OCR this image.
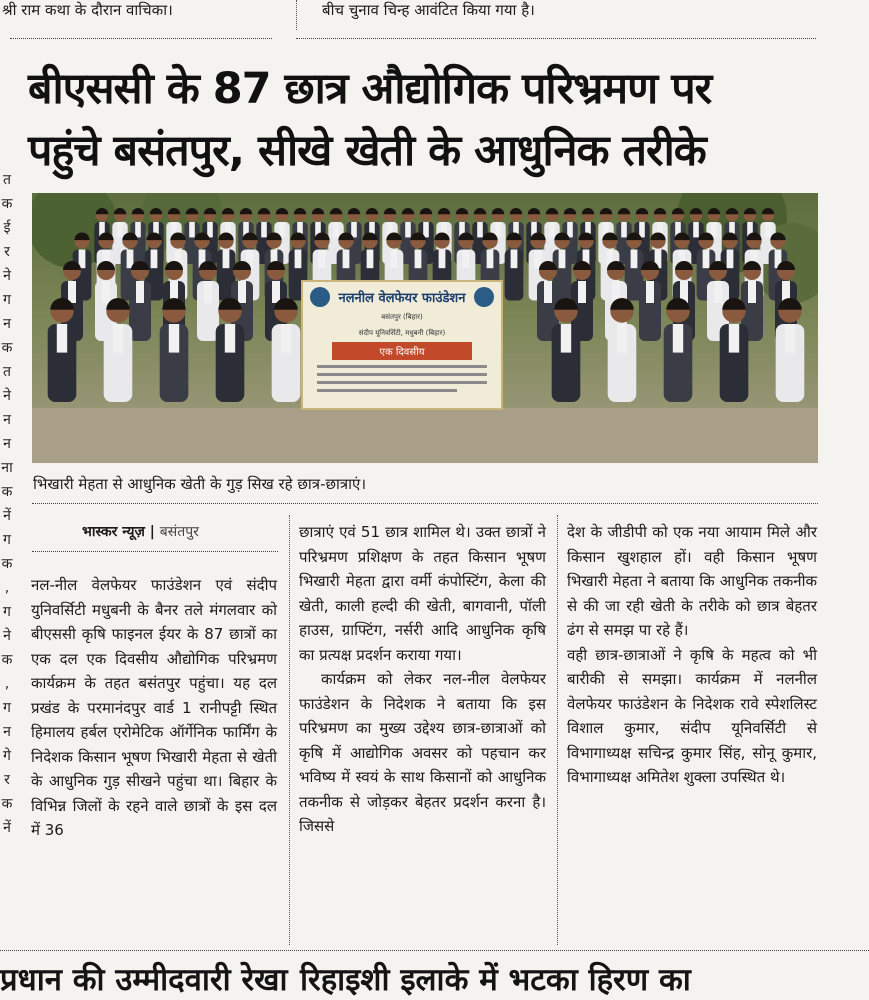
श्री राम कथा के दौरान वाचिका।	बीच चुनाव चिन्ह आवंटित किया गया है।
बीएससी के 87 छात्र औद्योगिक परिभ्रमण पर
पहुंचे बसंतपुर, सीखे खेती के आधुनिक तरीके
त
क
ई
र
ने
ग
न
क
त
ने
न
न
ना
क
नें
ग
क
,
ग
ने
क
,
ग
न
गे
र
क
नें
नलनील वेलफेयर फाउंडेशन
बसंतपुर (बिहार)
संदीप यूनिवर्सिटी, मधुबनी (बिहार)
एक दिवसीय
भिखारी मेहता से आधुनिक खेती के गुड़ सिख रहे छात्र-छात्राएं।
भास्कर न्यूज़ | बसंतपुर

नल-नील वेलफेयर फाउंडेशन एवं संदीप युनिवर्सिटी मधुबनी के बैनर तले मंगलवार को बीएससी कृषि फाइनल ईयर के 87 छात्रों का एक दल एक दिवसीय औद्योगिक परिभ्रमण कार्यक्रम के तहत बसंतपुर पहुंचा। यह दल प्रखंड के परमानंदपुर वार्ड 1 रानीपट्टी स्थित हिमालय हर्बल एरोमेटिक ऑर्गेनिक फार्मिंग के निदेशक किसान भूषण भिखारी मेहता से खेती के आधुनिक गुड़ सीखने पहुंचा था। बिहार के विभिन्न जिलों के रहने वाले छात्रों के इस दल में 36

छात्राएं एवं 51 छात्र शामिल थे। उक्त छात्रों ने परिभ्रमण प्रशिक्षण के तहत किसान भूषण भिखारी मेहता द्वारा वर्मी कंपोस्टिंग, केला की खेती, काली हल्दी की खेती, बागवानी, पॉली हाउस, ग्राफ्टिंग, नर्सरी आदि आधुनिक कृषि का प्रत्यक्ष प्रदर्शन कराया गया।

कार्यक्रम को लेकर नल-नील वेलफेयर फाउंडेशन के निदेशक ने बताया कि इस परिभ्रमण का मुख्य उद्देश्य छात्र-छात्राओं को कृषि में आद्योगिक अवसर को पहचान कर भविष्य में स्वयं के साथ किसानों को आधुनिक तकनीक से जोड़कर बेहतर प्रदर्शन करना है। जिससे

देश के जीडीपी को एक नया आयाम मिले और किसान खुशहाल हों। वही किसान भूषण भिखारी मेहता ने बताया कि आधुनिक तकनीक से की जा रही खेती के तरीके को छात्र बेहतर ढंग से समझ पा रहे हैं।

वही छात्र-छात्राओं ने कृषि के महत्व को भी बारीकी से समझा। कार्यक्रम में नलनील वेलफेयर फाउंडेशन के निदेशक रावे स्पेशलिस्ट विशाल कुमार, संदीप यूनिवर्सिटी से विभागाध्यक्ष सचिन्द्र कुमार सिंह, सोनू कुमार, विभागाध्यक्ष अमितेश शुक्ला उपस्थित थे।

प्रधान की उम्मीदवारी रेखा रिहाइशी इलाके में भटका हिरण का
